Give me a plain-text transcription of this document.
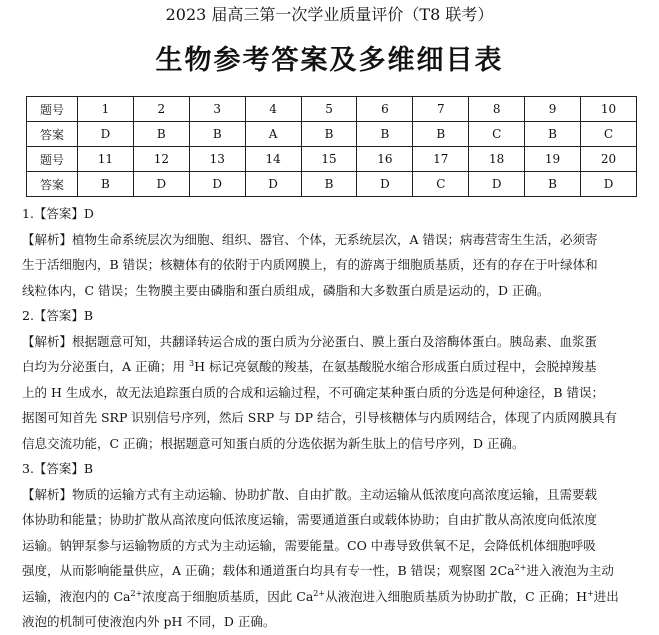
2023 届高三第一次学业质量评价（T8 联考）
生物参考答案及多维细目表
题号	1	2	3	4	5	6	7	8	9	10
答案	D	B	B	A	B	B	B	C	B	C
题号	11	12	13	14	15	16	17	18	19	20
答案	B	D	D	D	B	D	C	D	B	D

1.【答案】D

【解析】植物生命系统层次为细胞、组织、器官、个体，无系统层次，A 错误；病毒营寄生生活，必须寄

生于活细胞内，B 错误；核糖体有的依附于内质网膜上，有的游离于细胞质基质，还有的存在于叶绿体和

线粒体内，C 错误；生物膜主要由磷脂和蛋白质组成，磷脂和大多数蛋白质是运动的，D 正确。

2.【答案】B

【解析】根据题意可知，共翻译转运合成的蛋白质为分泌蛋白、膜上蛋白及溶酶体蛋白。胰岛素、血浆蛋

白均为分泌蛋白，A 正确；用 $^3$H 标记亮氨酸的羧基，在氨基酸脱水缩合形成蛋白质过程中，会脱掉羧基

上的 H 生成水，故无法追踪蛋白质的合成和运输过程，不可确定某种蛋白质的分选是何种途径，B 错误；

据图可知首先 SRP 识别信号序列，然后 SRP 与 DP 结合，引导核糖体与内质网结合，体现了内质网膜具有

信息交流功能，C 正确；根据题意可知蛋白质的分选依据为新生肽上的信号序列，D 正确。

3.【答案】B

【解析】物质的运输方式有主动运输、协助扩散、自由扩散。主动运输从低浓度向高浓度运输，且需要载

体协助和能量；协助扩散从高浓度向低浓度运输，需要通道蛋白或载体协助；自由扩散从高浓度向低浓度

运输。钠钾泵参与运输物质的方式为主动运输，需要能量。CO 中毒导致供氧不足，会降低机体细胞呼吸

强度，从而影响能量供应，A 正确；载体和通道蛋白均具有专一性，B 错误；观察图 $2Ca^{2+}$进入液泡为主动

运输，液泡内的 $Ca^{2+}$浓度高于细胞质基质，因此 $Ca^{2+}$从液泡进入细胞质基质为协助扩散，C 正确；H+进出

液泡的机制可使液泡内外 pH 不同，D 正确。
